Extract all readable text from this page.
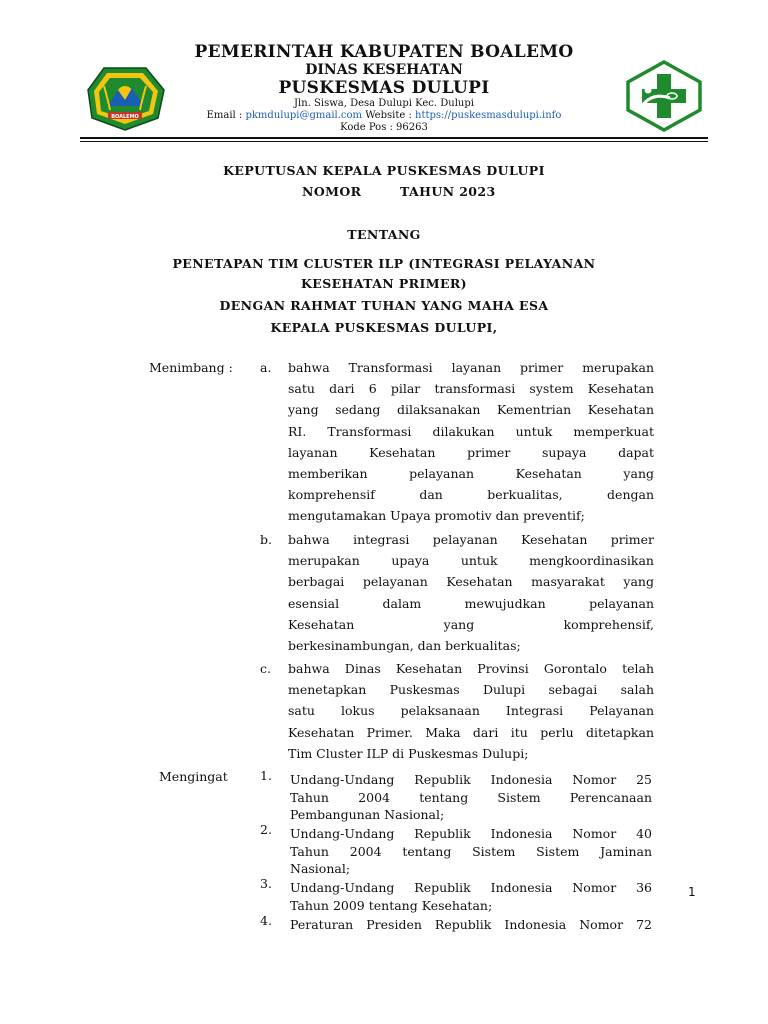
BOALEMO
PEMERINTAH KABUPATEN BOALEMO
DINAS KESEHATAN
PUSKESMAS DULUPI
Jln. Siswa, Desa Dulupi Kec. Dulupi
Email : pkmdulupi@gmail.com Website : https://puskesmasdulupi.info
Kode Pos : 96263
KEPUTUSAN KEPALA PUSKESMAS DULUPI
NOMOR	TAHUN 2023
TENTANG
PENETAPAN TIM CLUSTER ILP (INTEGRASI PELAYANAN
KESEHATAN PRIMER)
DENGAN RAHMAT TUHAN YANG MAHA ESA
KEPALA PUSKESMAS DULUPI,
Menimbang : a. bahwa Transformasi layanan primer merupakan
satu dari 6 pilar transformasi system Kesehatan
yang sedang dilaksanakan Kementrian Kesehatan
RI. Transformasi dilakukan untuk memperkuat
layanan Kesehatan primer supaya dapat
memberikan pelayanan Kesehatan yang
komprehensif dan berkualitas, dengan
mengutamakan Upaya promotiv dan preventif;
b. bahwa integrasi pelayanan Kesehatan primer
merupakan upaya untuk mengkoordinasikan
berbagai pelayanan Kesehatan masyarakat yang
esensial dalam mewujudkan pelayanan
Kesehatan yang komprehensif,
berkesinambungan, dan berkualitas;
c. bahwa Dinas Kesehatan Provinsi Gorontalo telah
menetapkan Puskesmas Dulupi sebagai salah
satu lokus pelaksanaan Integrasi Pelayanan
Kesehatan Primer. Maka dari itu perlu ditetapkan
Tim Cluster ILP di Puskesmas Dulupi;
Mengingat	1. Undang-Undang Republik Indonesia Nomor 25
Tahun 2004 tentang Sistem Perencanaan
Pembangunan Nasional;
2. Undang-Undang Republik Indonesia Nomor 40
Tahun 2004 tentang Sistem Sistem Jaminan
Nasional;
3. Undang-Undang Republik Indonesia Nomor 36
Tahun 2009 tentang Kesehatan;
4. Peraturan Presiden Republik Indonesia Nomor 72
1
